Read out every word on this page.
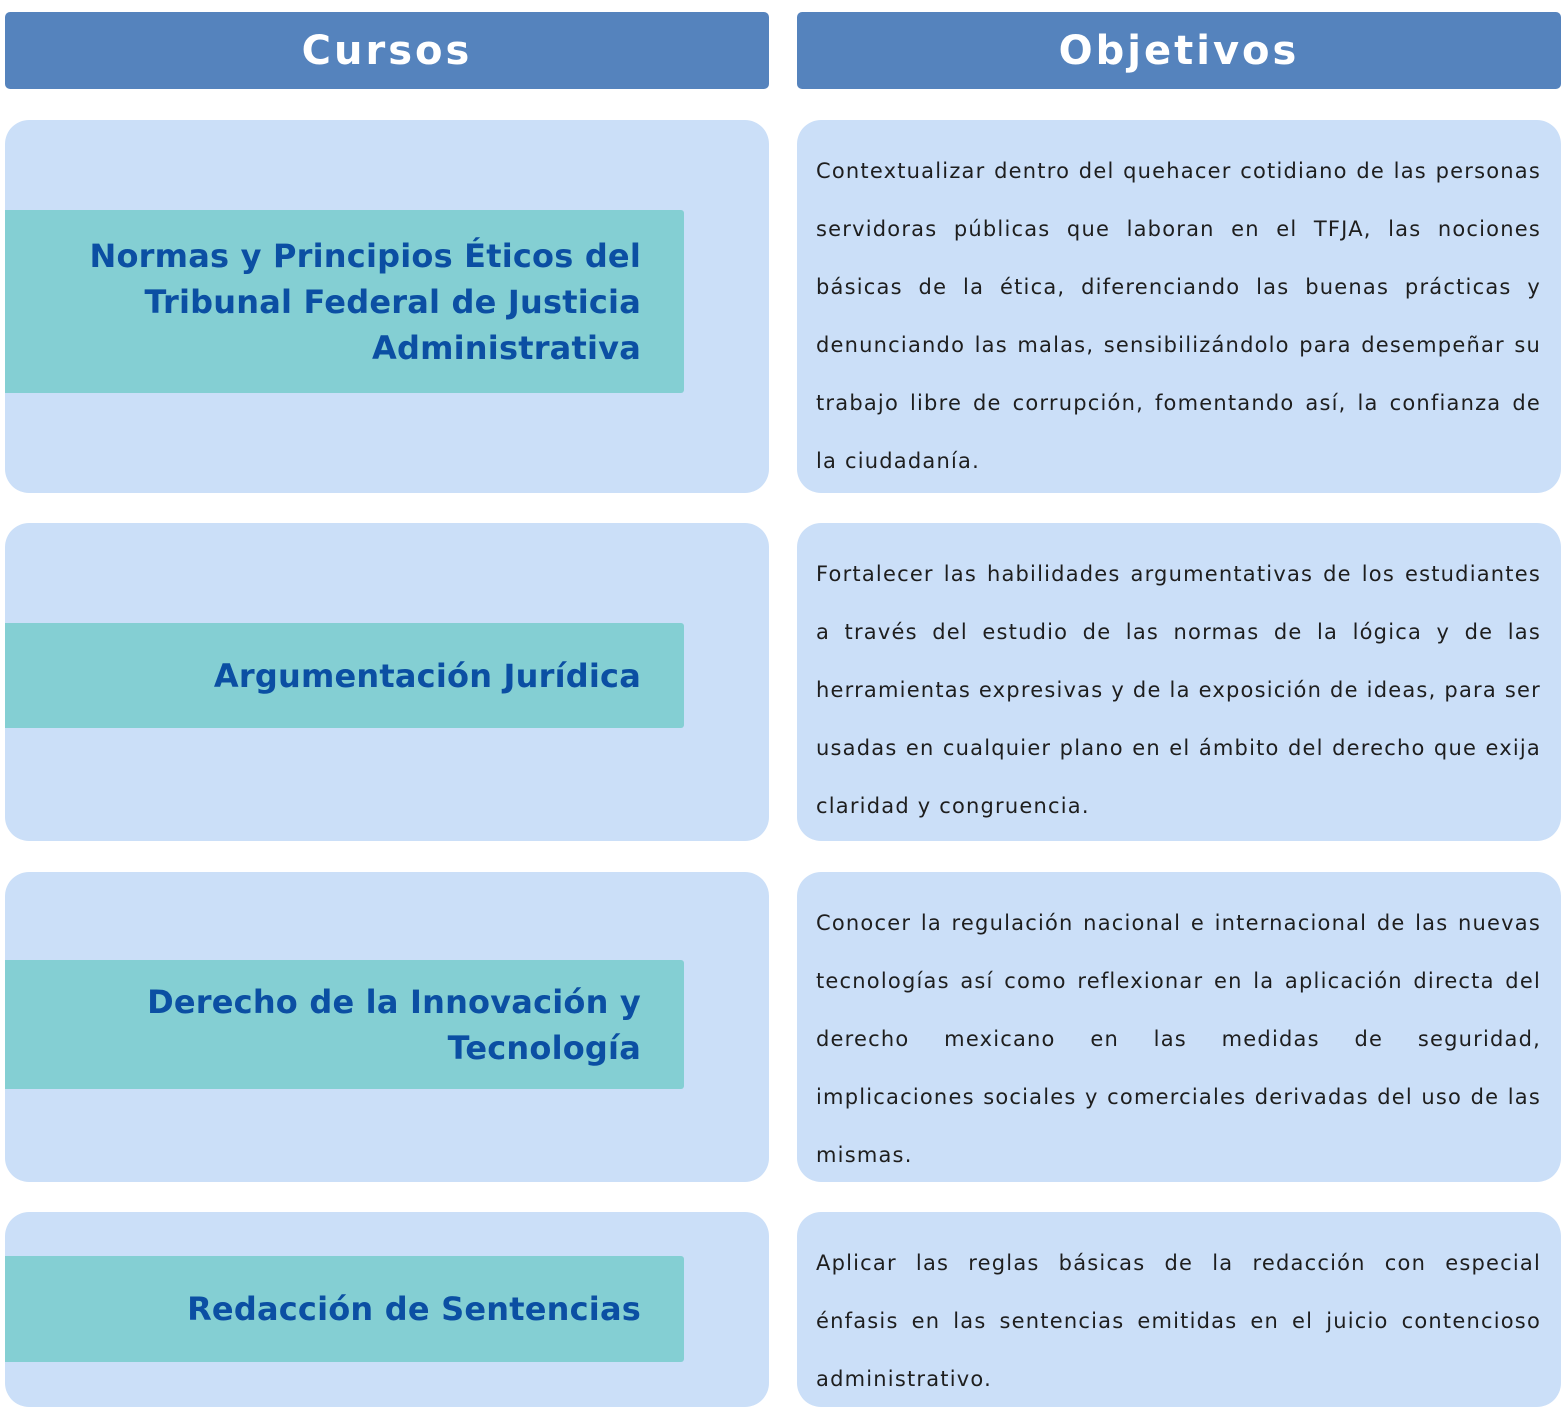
Cursos	Objetivos
Normas y Principios Éticos del Tribunal Federal de Justicia Administrativa

Contextualizar dentro del quehacer cotidiano de las personas servidoras públicas que laboran en el TFJA, las nociones básicas de la ética, diferenciando las buenas prácticas y denunciando las malas, sensibilizándolo para desempeñar su trabajo libre de corrupción, fomentando así, la confianza de la ciudadanía.

Argumentación Jurídica

Fortalecer las habilidades argumentativas de los estudiantes a través del estudio de las normas de la lógica y de las herramientas expresivas y de la exposición de ideas, para ser usadas en cualquier plano en el ámbito del derecho que exija claridad y congruencia.

Derecho de la Innovación y Tecnología

Conocer la regulación nacional e internacional de las nuevas tecnologías así como reflexionar en la aplicación directa del derecho mexicano en las medidas de seguridad, implicaciones sociales y comerciales derivadas del uso de las mismas.

Redacción de Sentencias

Aplicar las reglas básicas de la redacción con especial énfasis en las sentencias emitidas en el juicio contencioso administrativo.
